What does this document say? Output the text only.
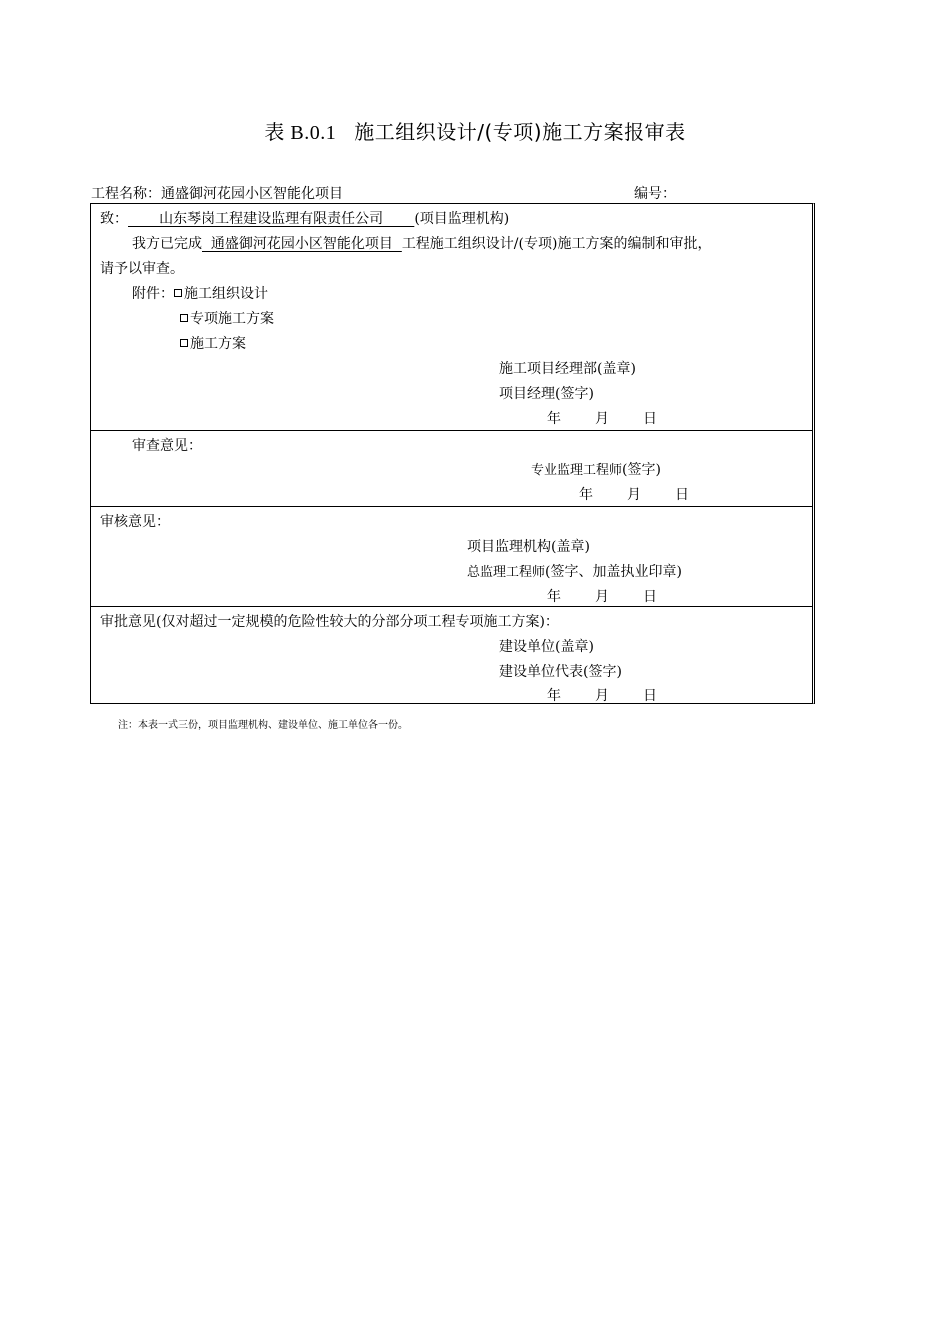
表 B.0.1 施工组织设计/(专项)施工方案报审表
工程名称：通盛御河花园小区智能化项目	编号：
致：       山东琴岗工程建设监理有限责任公司       (项目监理机构)
我方已完成  通盛御河花园小区智能化项目  工程施工组织设计/(专项)施工方案的编制和审批，
请予以审查。
附件： 施工组织设计
专项施工方案
施工方案
施工项目经理部(盖章)
项目经理(签字)
年 月 日
审查意见：
专业监理工程师(签字)
年 月 日
审核意见：
项目监理机构(盖章)
总监理工程师(签字、加盖执业印章)
年 月 日
审批意见(仅对超过一定规模的危险性较大的分部分项工程专项施工方案)：
建设单位(盖章)
建设单位代表(签字)
年 月 日
注：本表一式三份，项目监理机构、建设单位、施工单位各一份。
